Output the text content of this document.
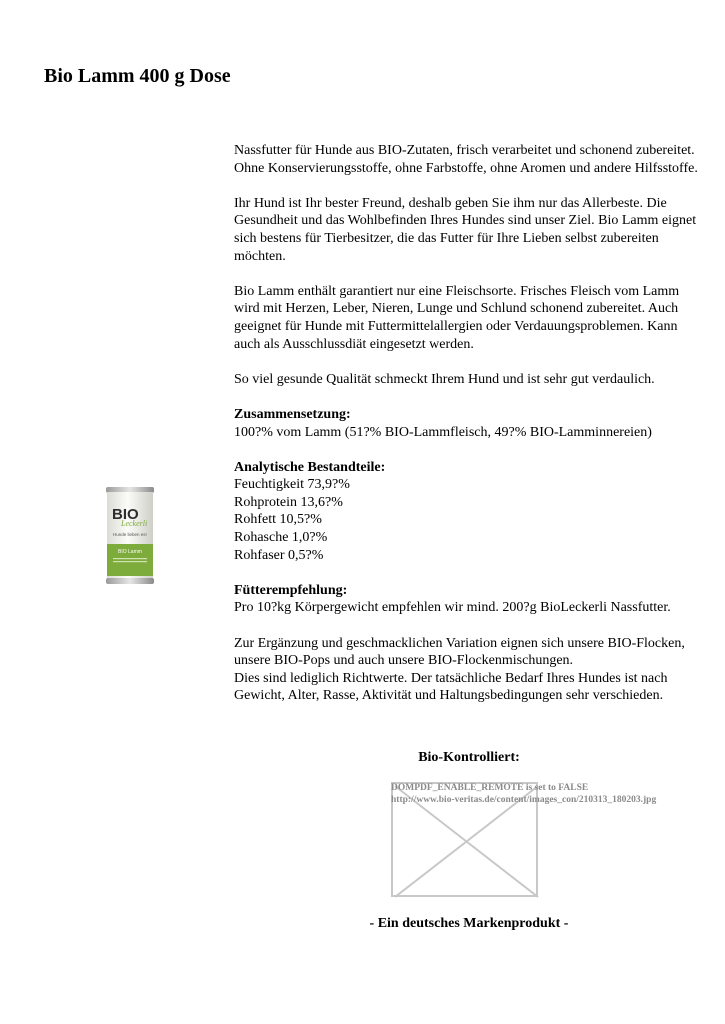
Bio Lamm 400 g Dose
BIO
Leckerli
Hunde lieben es!
BIO Lamm

Nassfutter für Hunde aus BIO-Zutaten, frisch verarbeitet und schonend zubereitet. Ohne Konservierungsstoffe, ohne Farbstoffe, ohne Aromen und andere Hilfsstoffe.

Ihr Hund ist Ihr bester Freund, deshalb geben Sie ihm nur das Allerbeste. Die Gesundheit und das Wohlbefinden Ihres Hundes sind unser Ziel. Bio Lamm eignet sich bestens für Tierbesitzer, die das Futter für Ihre Lieben selbst zubereiten möchten.

Bio Lamm enthält garantiert nur eine Fleischsorte. Frisches Fleisch vom Lamm wird mit Herzen, Leber, Nieren, Lunge und Schlund schonend zubereitet. Auch geeignet für Hunde mit Futtermittelallergien oder Verdauungsproblemen. Kann auch als Ausschlussdiät eingesetzt werden.

So viel gesunde Qualität schmeckt Ihrem Hund und ist sehr gut verdaulich.

Zusammensetzung:
100?% vom Lamm (51?% BIO-Lammfleisch, 49?% BIO-Lamminnereien)

Analytische Bestandteile:
Feuchtigkeit 73,9?%
Rohprotein 13,6?%
Rohfett 10,5?%
Rohasche 1,0?%
Rohfaser 0,5?%

Fütterempfehlung:
Pro 10?kg Körpergewicht empfehlen wir mind. 200?g BioLeckerli Nassfutter.

Zur Ergänzung und geschmacklichen Variation eignen sich unsere BIO-Flocken, unsere BIO-Pops und auch unsere BIO-Flockenmischungen.
Dies sind lediglich Richtwerte. Der tatsächliche Bedarf Ihres Hundes ist nach Gewicht, Alter, Rasse, Aktivität und Haltungsbedingungen sehr verschieden.

Bio-Kontrolliert:
DOMPDF_ENABLE_REMOTE is set to FALSE
http://www.bio-veritas.de/content/images_con/210313_180203.jpg
- Ein deutsches Markenprodukt -
